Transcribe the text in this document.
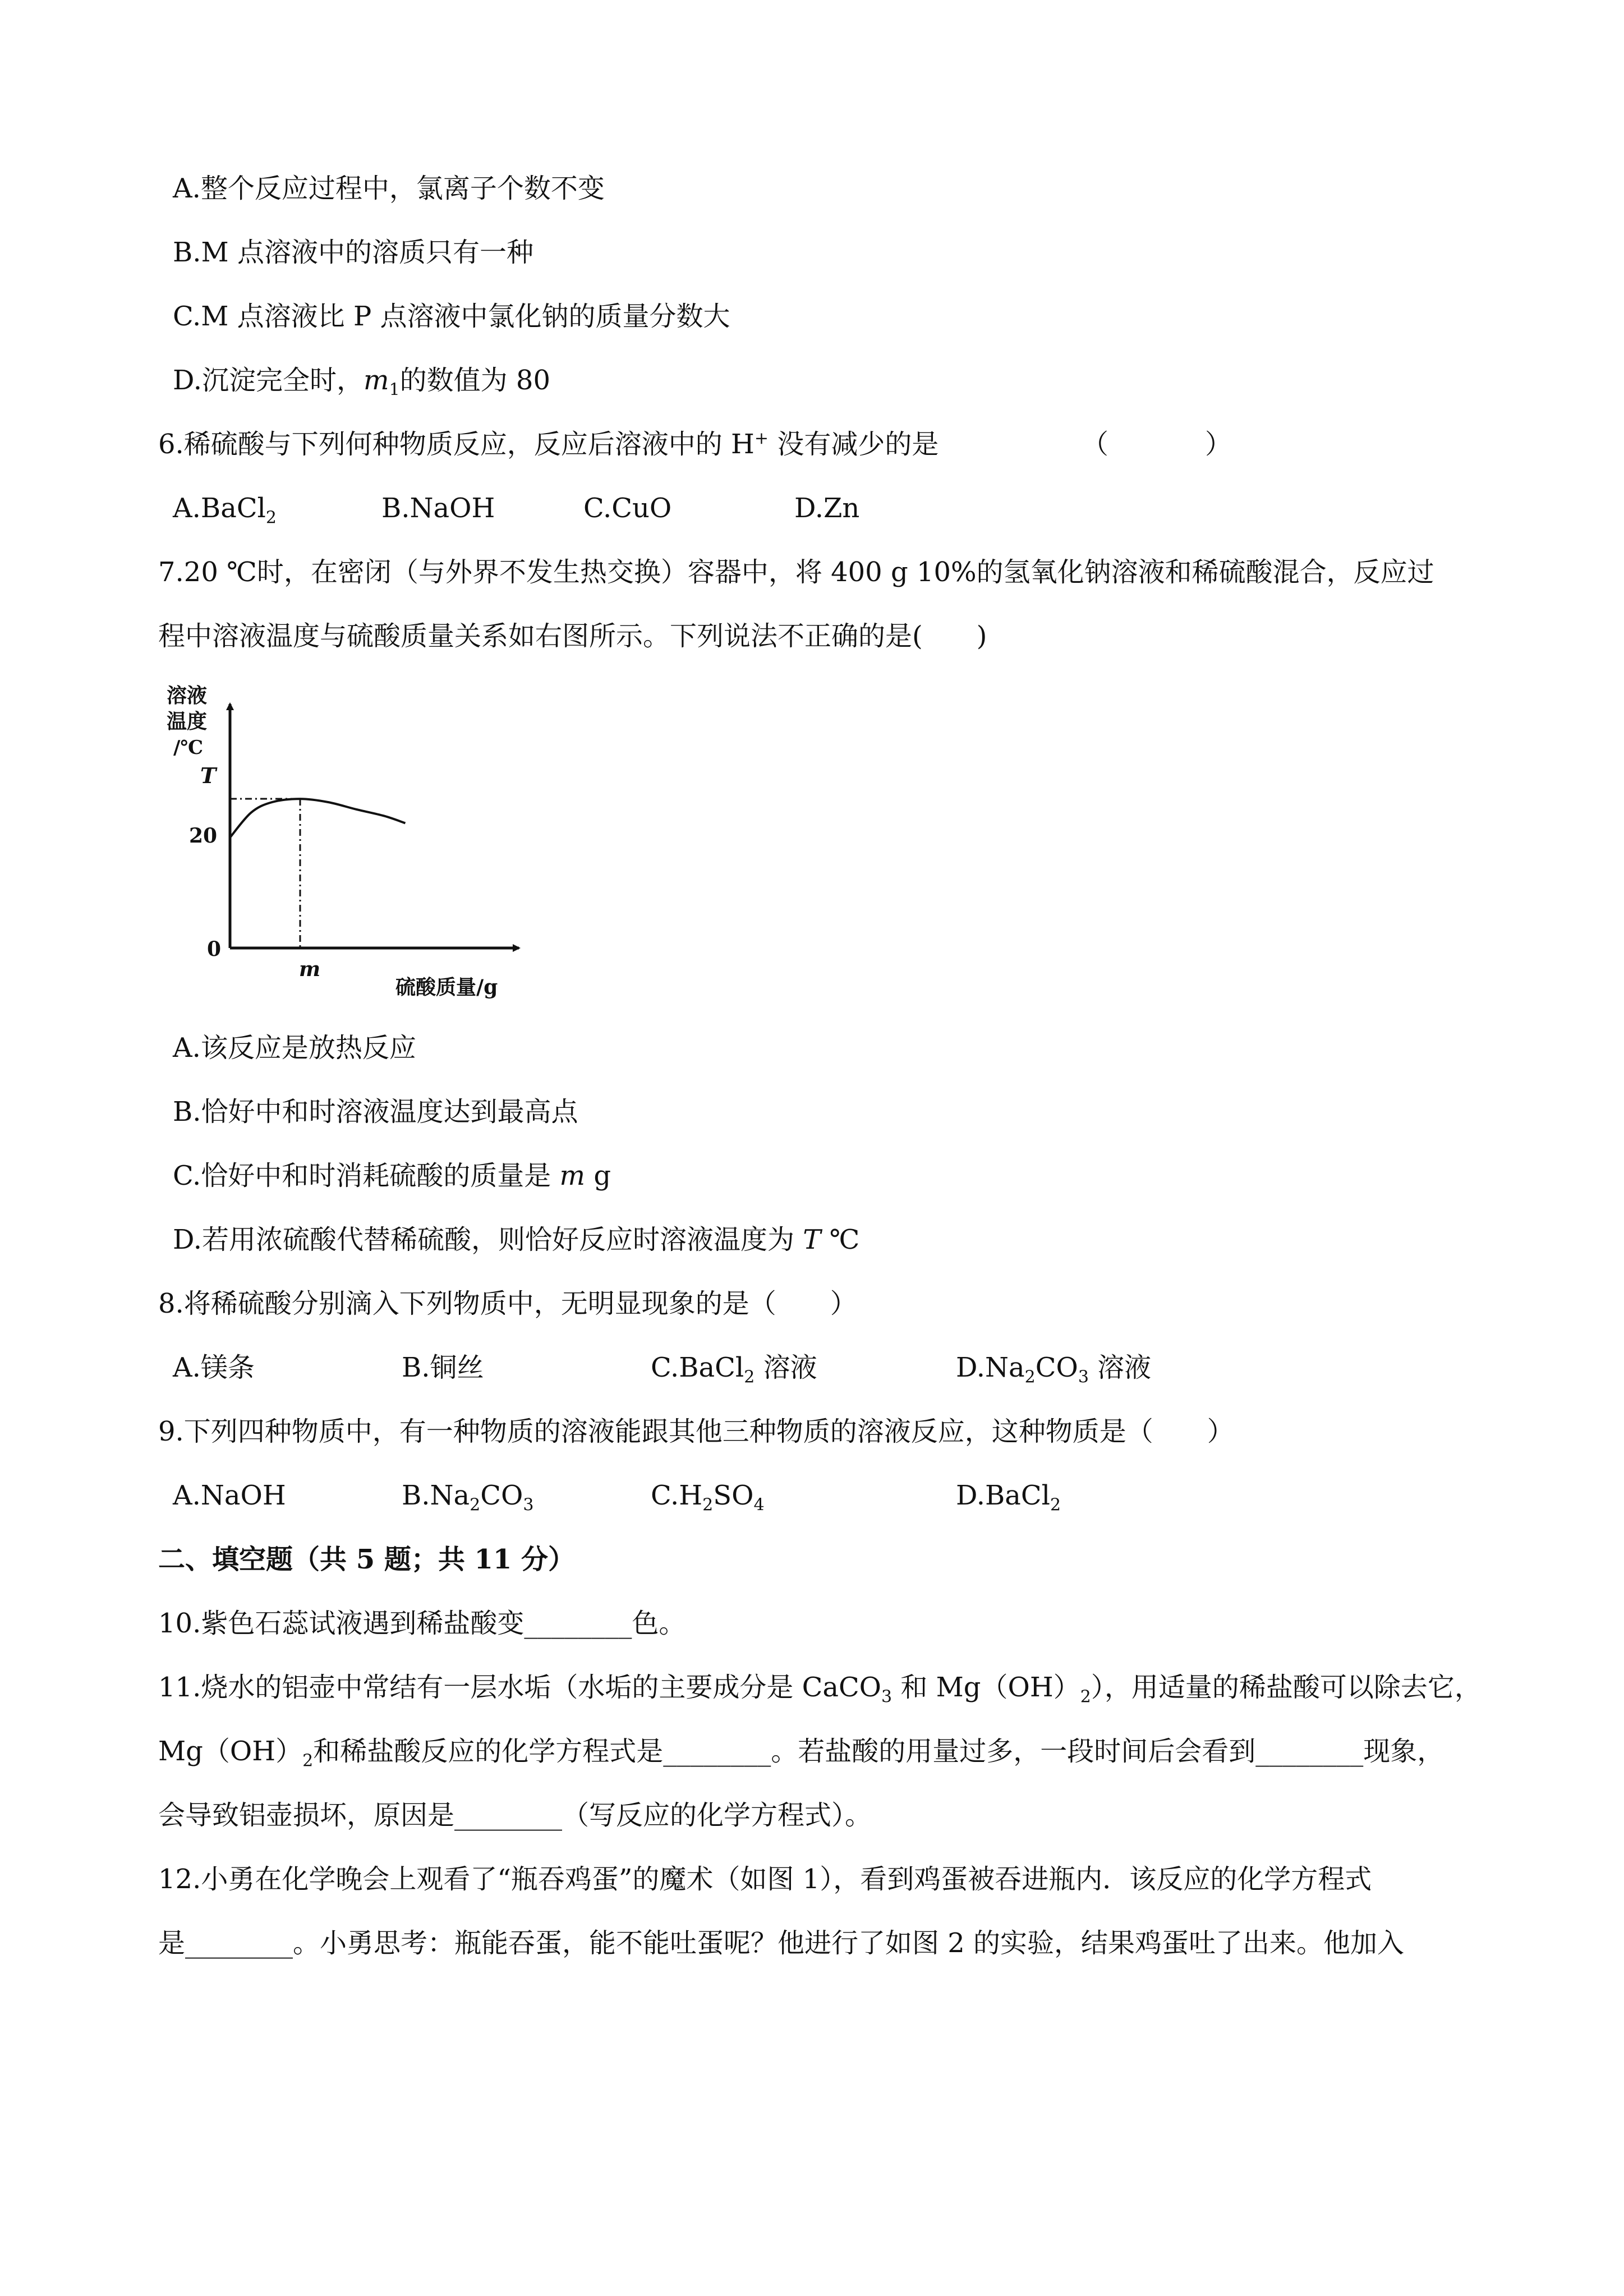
A.整个反应过程中，氯离子个数不变
B.M 点溶液中的溶质只有一种
C.M 点溶液比 P 点溶液中氯化钠的质量分数大
D.沉淀完全时，$m_1$的数值为 80
6.稀硫酸与下列何种物质反应，反应后溶液中的 H+ 没有减少的是	（	）
A.BaCl$_2$	B.NaOH	C.CuO	D.Zn
7.20 ℃时，在密闭（与外界不发生热交换）容器中，将 400 g 10%的氢氧化钠溶液和稀硫酸混合，反应过
程中溶液温度与硫酸质量关系如右图所示。下列说法不正确的是(　　)
溶液
温度
/℃
硫酸质量/g
T
20
0
m
A.该反应是放热反应
B.恰好中和时溶液温度达到最高点
C.恰好中和时消耗硫酸的质量是 m g
D.若用浓硫酸代替稀硫酸，则恰好反应时溶液温度为 T ℃
8.将稀硫酸分别滴入下列物质中，无明显现象的是（　　）
A.镁条	B.铜丝	C.BaCl$_2$ 溶液	$D.Na_2CO_3$ 溶液
9.下列四种物质中，有一种物质的溶液能跟其他三种物质的溶液反应，这种物质是（　　）
A.NaOH	$B.Na_2CO_3$	$C.H_2SO_4$	D.BaCl$_2$
二、填空题（共 5 题；共 11 分）
10.紫色石蕊试液遇到稀盐酸变________色。
11.烧水的铝壶中常结有一层水垢（水垢的主要成分是 CaCO$_3$ 和 $Mg(OH)_2$），用适量的稀盐酸可以除去它，
$Mg(OH)_2$和稀盐酸反应的化学方程式是________。若盐酸的用量过多，一段时间后会看到________现象，
会导致铝壶损坏，原因是________（写反应的化学方程式）。
12.小勇在化学晚会上观看了“瓶吞鸡蛋”的魔术（如图 1），看到鸡蛋被吞进瓶内．该反应的化学方程式
是________。小勇思考：瓶能吞蛋，能不能吐蛋呢？他进行了如图 2 的实验，结果鸡蛋吐了出来。他加入
